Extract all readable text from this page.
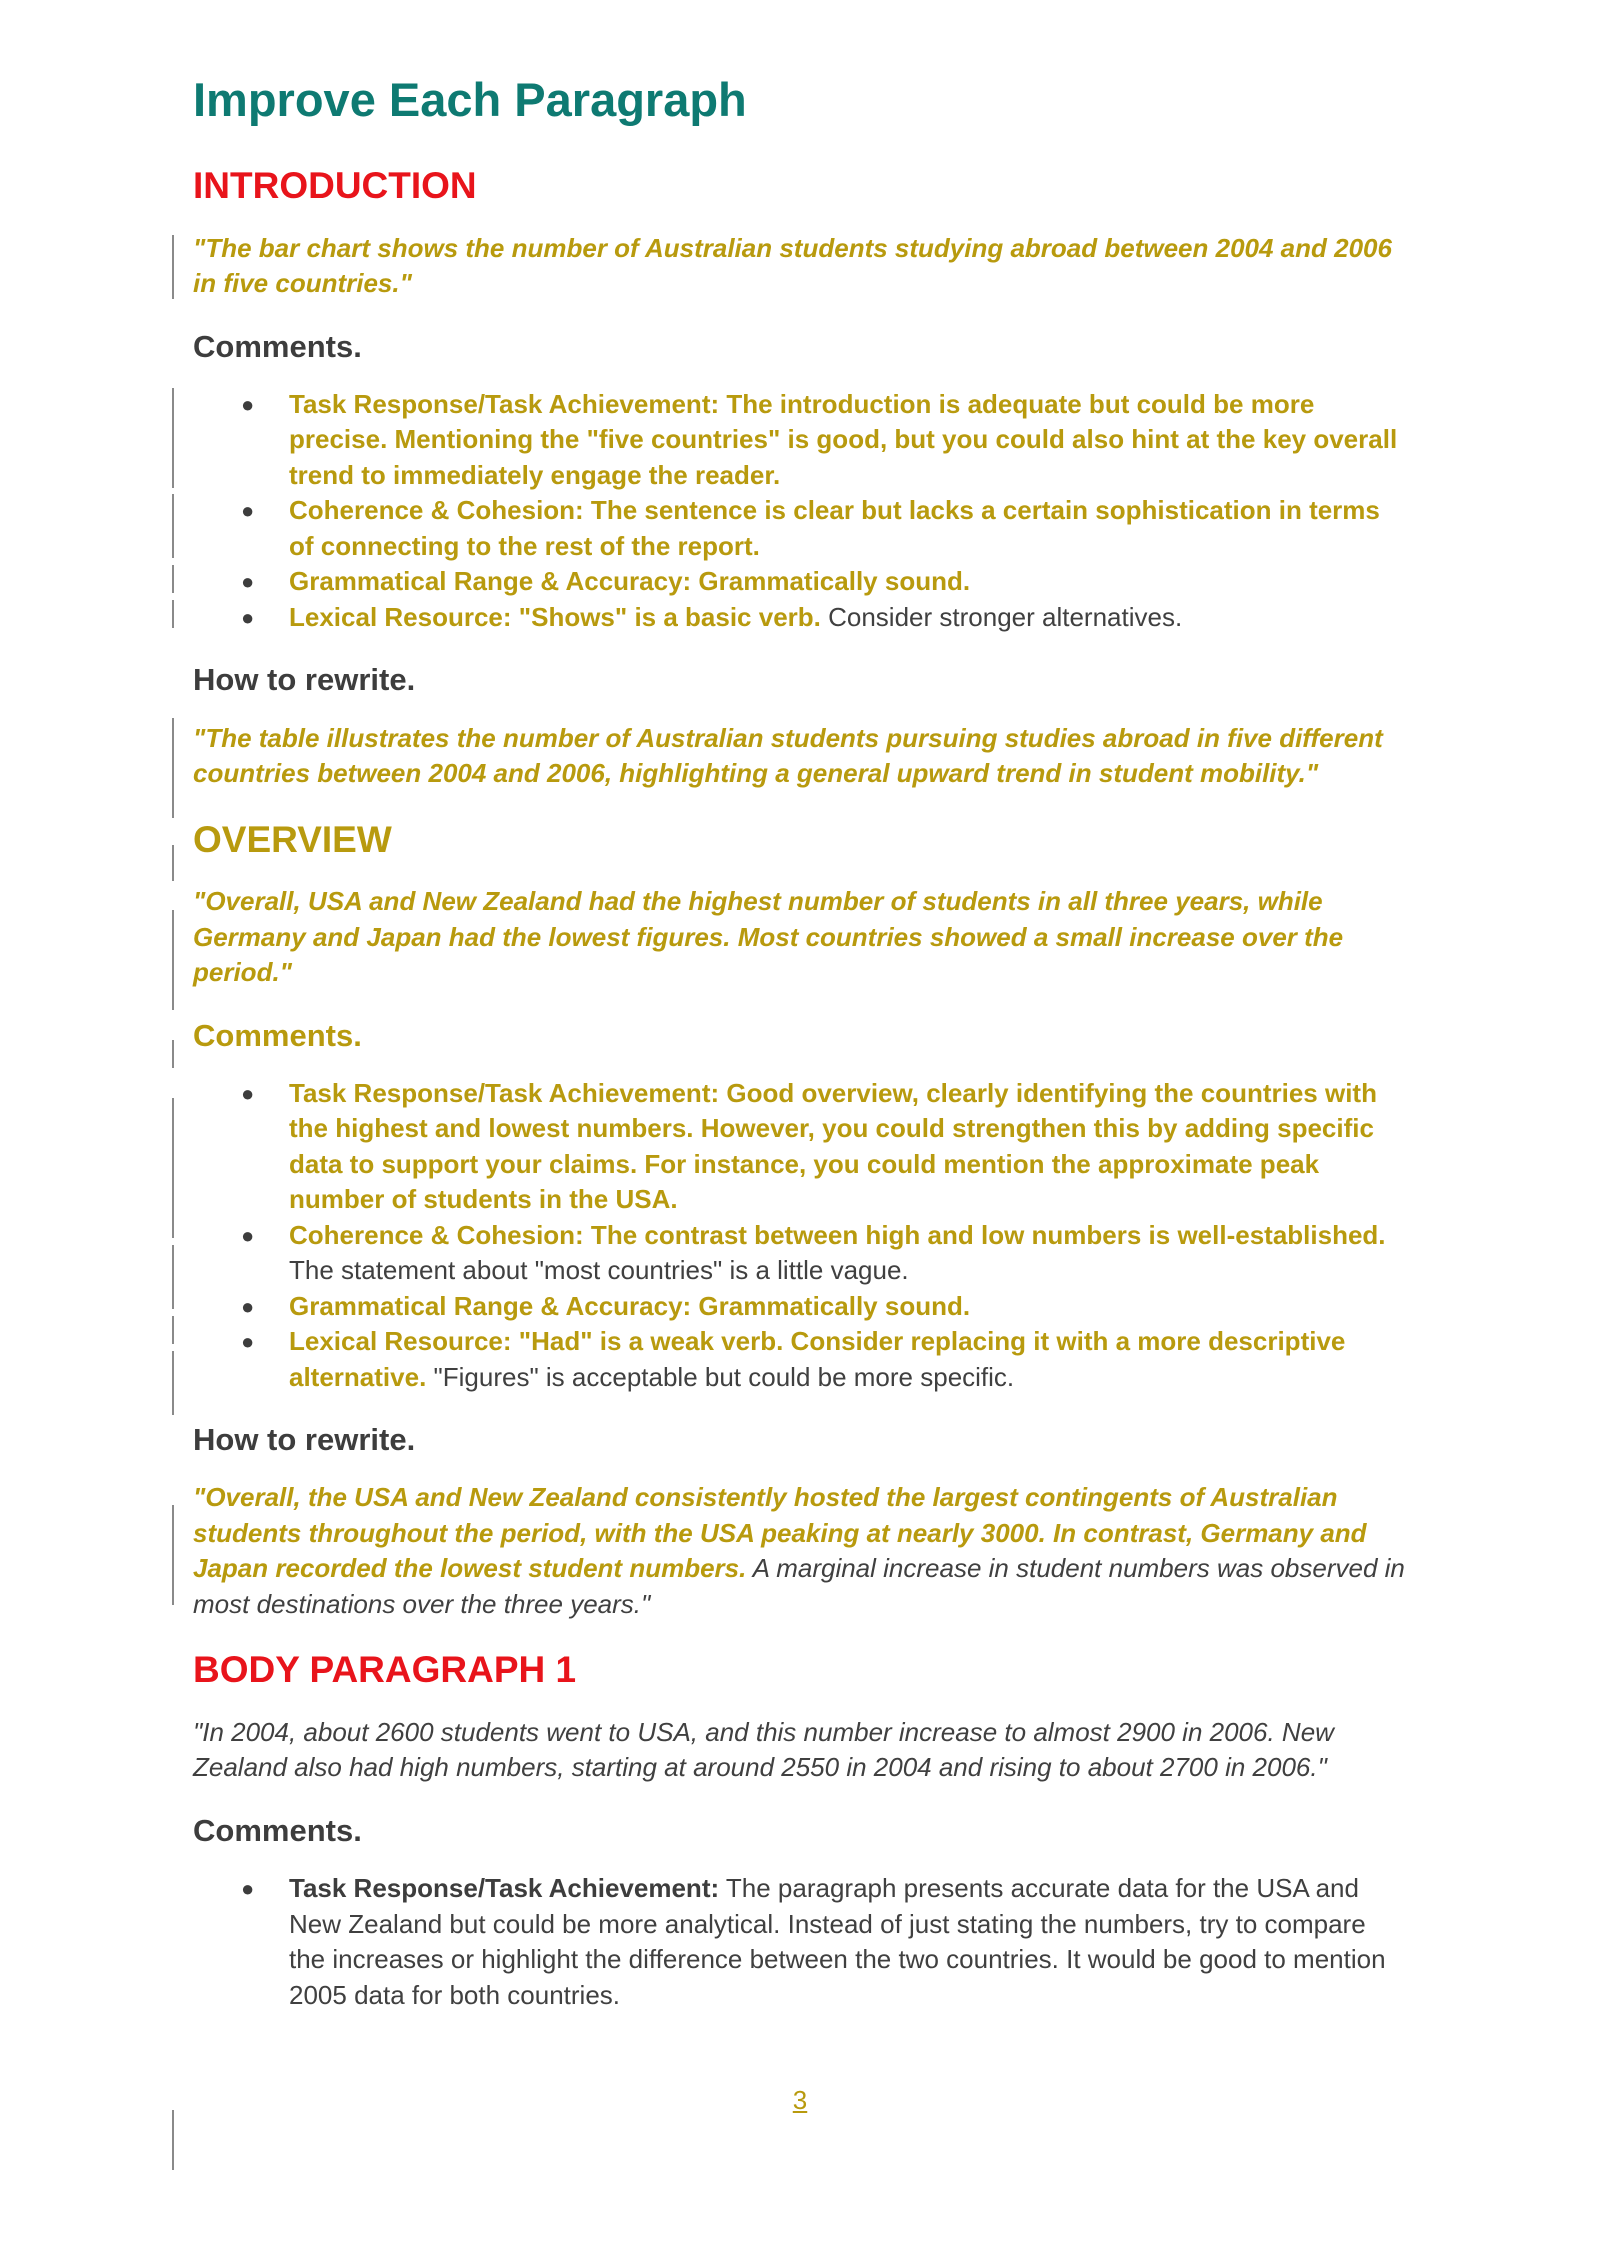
Improve Each Paragraph
INTRODUCTION

"The bar chart shows the number of Australian students studying abroad between 2004 and 2006 in five countries."

Comments.
● Task Response/Task Achievement: The introduction is adequate but could be more precise. Mentioning the "five countries" is good, but you could also hint at the key overall trend to immediately engage the reader.
● Coherence & Cohesion: The sentence is clear but lacks a certain sophistication in terms of connecting to the rest of the report.
● Grammatical Range & Accuracy: Grammatically sound.
● Lexical Resource: "Shows" is a basic verb. Consider stronger alternatives.
How to rewrite.

"The table illustrates the number of Australian students pursuing studies abroad in five different countries between 2004 and 2006, highlighting a general upward trend in student mobility."

OVERVIEW

"Overall, USA and New Zealand had the highest number of students in all three years, while Germany and Japan had the lowest figures. Most countries showed a small increase over the period."

Comments.
● Task Response/Task Achievement: Good overview, clearly identifying the countries with the highest and lowest numbers. However, you could strengthen this by adding specific data to support your claims. For instance, you could mention the approximate peak number of students in the USA.
● Coherence & Cohesion: The contrast between high and low numbers is well-established. The statement about "most countries" is a little vague.
● Grammatical Range & Accuracy: Grammatically sound.
● Lexical Resource: "Had" is a weak verb. Consider replacing it with a more descriptive alternative. "Figures" is acceptable but could be more specific.
How to rewrite.

"Overall, the USA and New Zealand consistently hosted the largest contingents of Australian students throughout the period, with the USA peaking at nearly 3000. In contrast, Germany and Japan recorded the lowest student numbers. A marginal increase in student numbers was observed in most destinations over the three years."

BODY PARAGRAPH 1

"In 2004, about 2600 students went to USA, and this number increase to almost 2900 in 2006. New Zealand also had high numbers, starting at around 2550 in 2004 and rising to about 2700 in 2006."

Comments.
● Task Response/Task Achievement: The paragraph presents accurate data for the USA and New Zealand but could be more analytical. Instead of just stating the numbers, try to compare the increases or highlight the difference between the two countries. It would be good to mention 2005 data for both countries.
3
